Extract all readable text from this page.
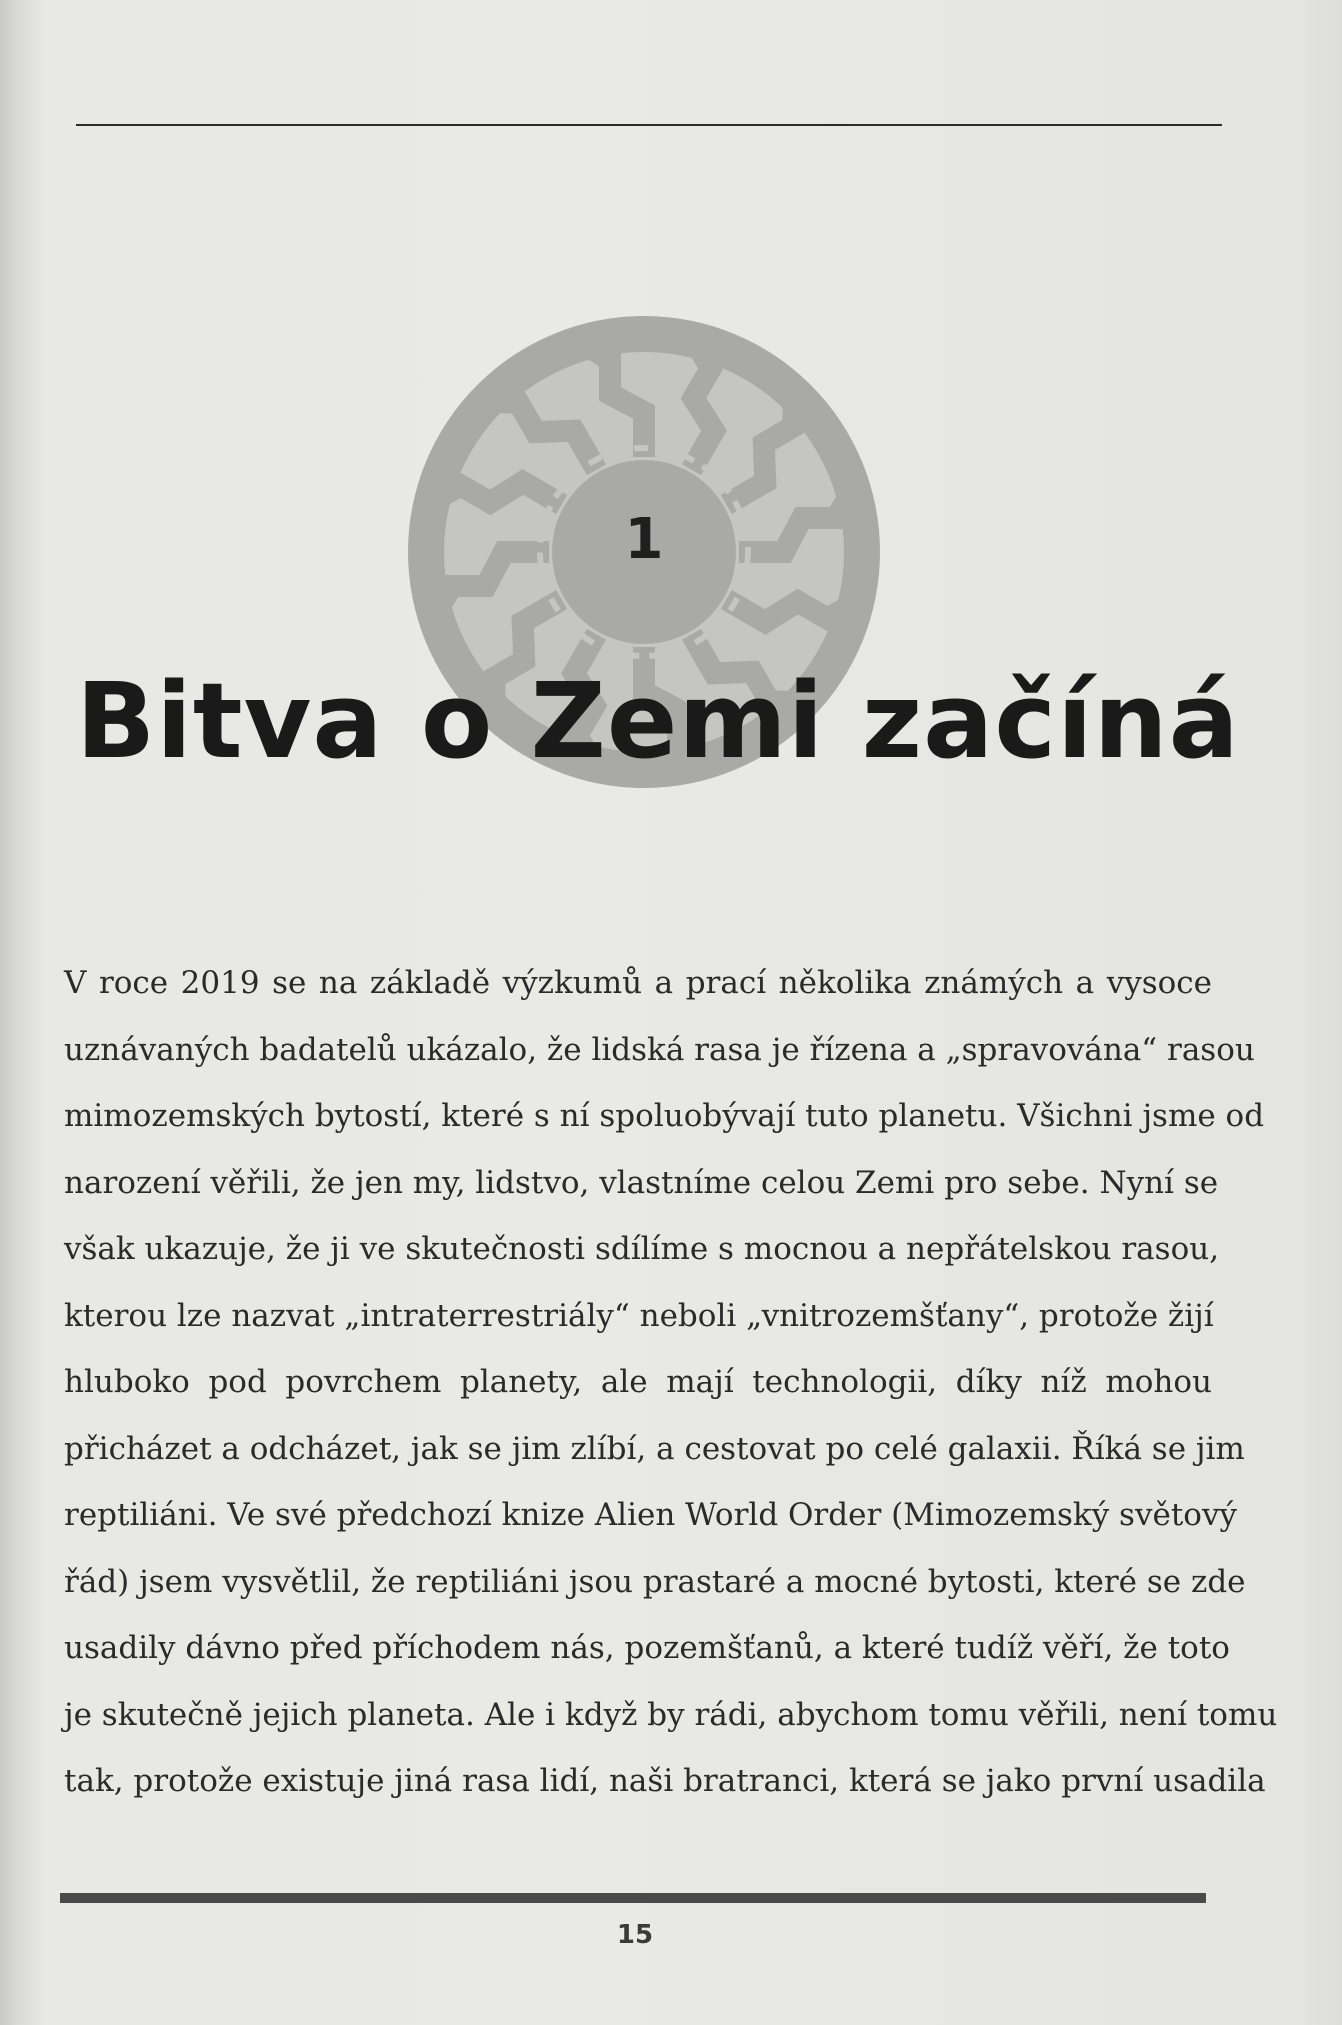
1
Bitva o Zemi začíná
V roce 2019 se na základě výzkumů a prací několika známých a vysoce
uznávaných badatelů ukázalo, že lidská rasa je řízena a „spravována“ rasou
mimozemských bytostí, které s ní spoluobývají tuto planetu. Všichni jsme od
narození věřili, že jen my, lidstvo, vlastníme celou Zemi pro sebe. Nyní se
však ukazuje, že ji ve skutečnosti sdílíme s mocnou a nepřátelskou rasou,
kterou lze nazvat „intraterrestriály“ neboli „vnitrozemšťany“, protože žijí
hluboko pod povrchem planety, ale mají technologii, díky níž mohou
přicházet a odcházet, jak se jim zlíbí, a cestovat po celé galaxii. Říká se jim
reptiliáni. Ve své předchozí knize Alien World Order (Mimozemský světový
řád) jsem vysvětlil, že reptiliáni jsou prastaré a mocné bytosti, které se zde
usadily dávno před příchodem nás, pozemšťanů, a které tudíž věří, že toto
je skutečně jejich planeta. Ale i když by rádi, abychom tomu věřili, není tomu
tak, protože existuje jiná rasa lidí, naši bratranci, která se jako první usadila
15
